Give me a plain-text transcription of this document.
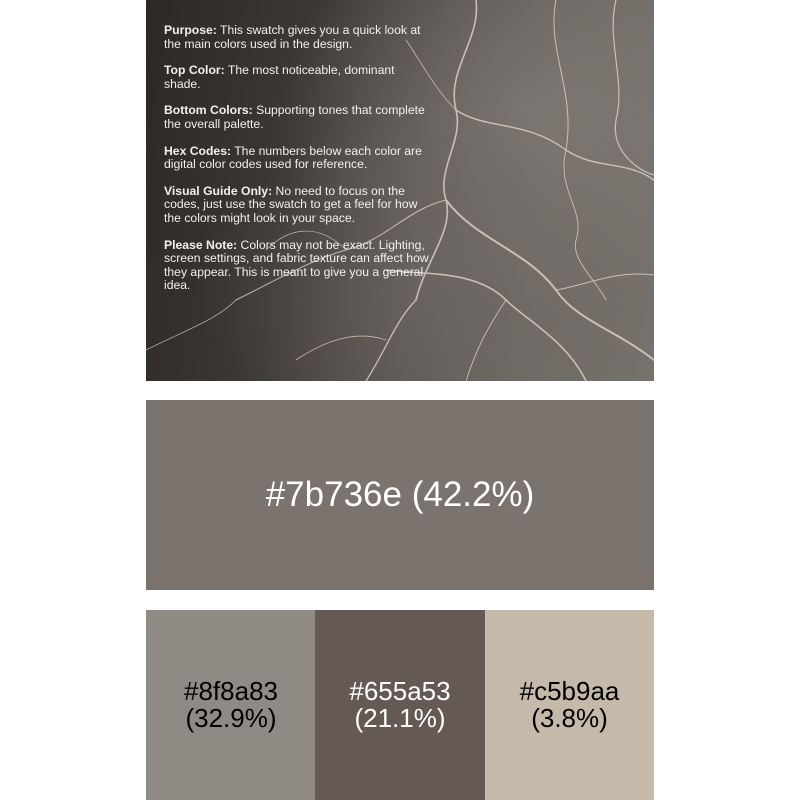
Purpose: This swatch gives you a quick look at the main colors used in the design.

Top Color: The most noticeable, dominant shade.

Bottom Colors: Supporting tones that complete the overall palette.

Hex Codes: The numbers below each color are digital color codes used for reference.

Visual Guide Only: No need to focus on the codes, just use the swatch to get a feel for how the colors might look in your space.

Please Note: Colors may not be exact. Lighting, screen settings, and fabric texture can affect how they appear. This is meant to give you a general idea.

#7b736e (42.2%)
#8f8a83
(32.9%)
#655a53
(21.1%)
#c5b9aa
(3.8%)
